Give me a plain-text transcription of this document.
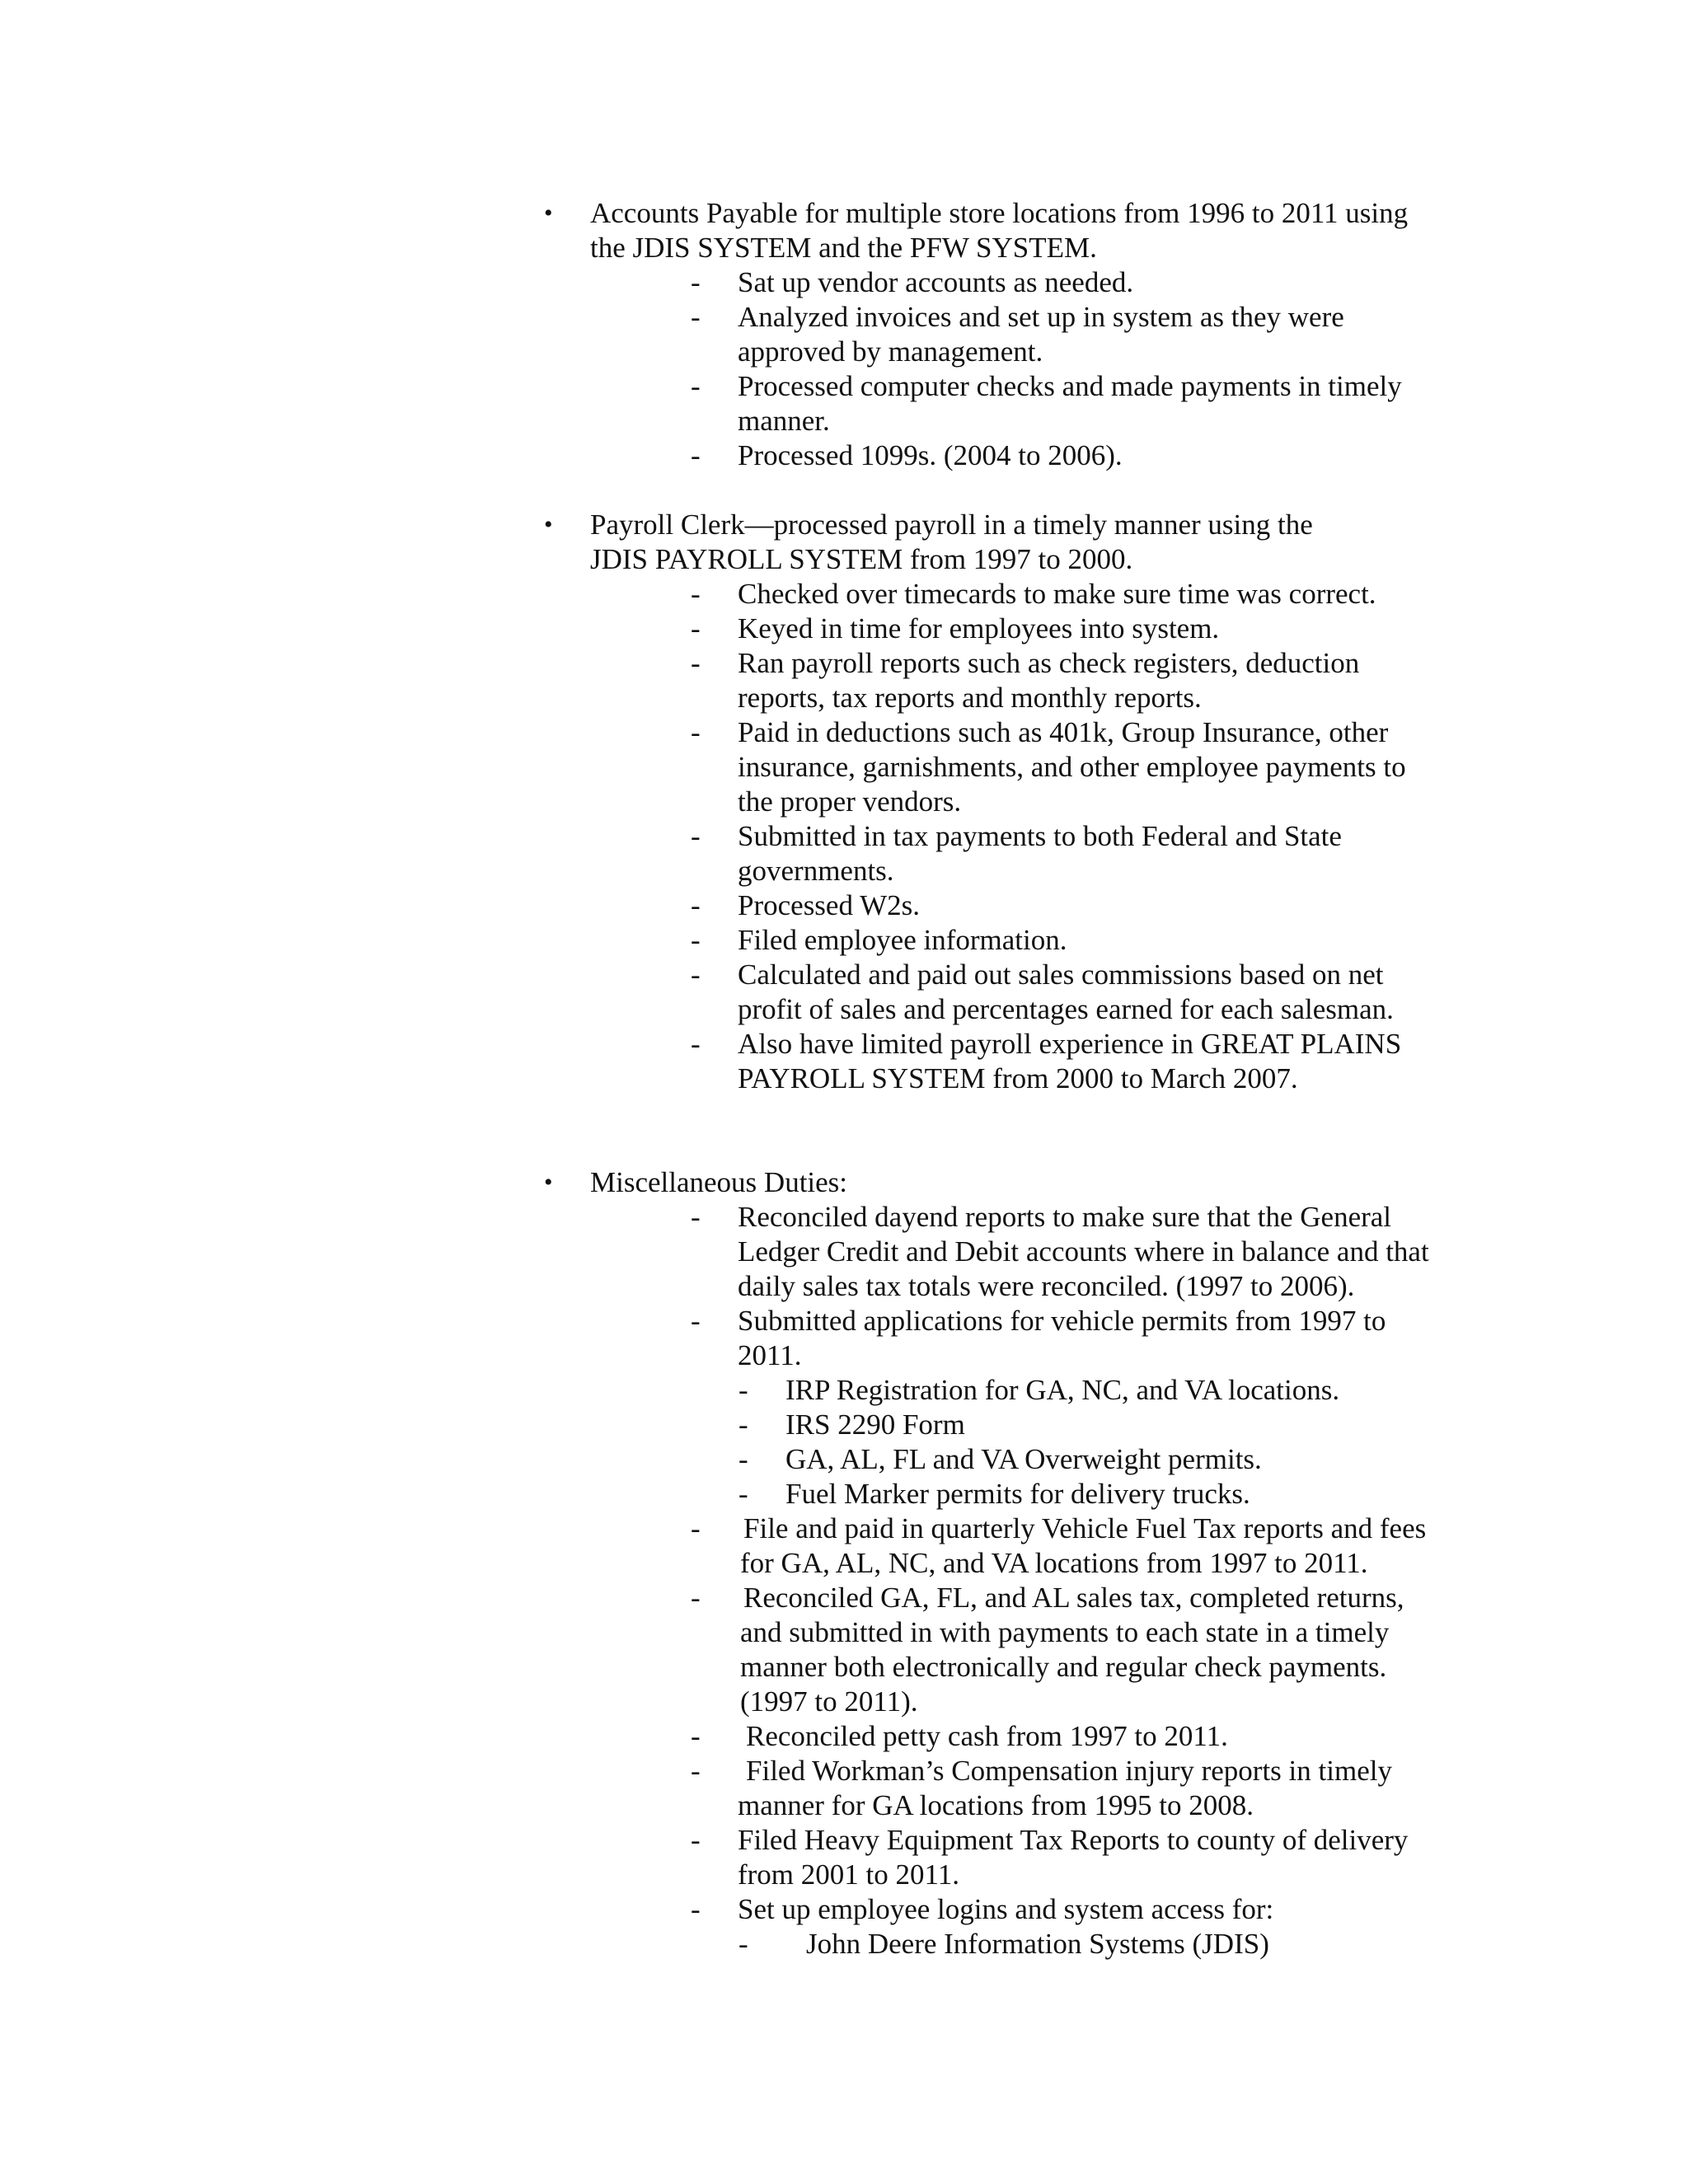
• Accounts Payable for multiple store locations from 1996 to 2011 using
the JDIS SYSTEM and the PFW SYSTEM.
- Sat up vendor accounts as needed.
- Analyzed invoices and set up in system as they were
approved by management.
- Processed computer checks and made payments in timely
manner.
- Processed 1099s. (2004 to 2006).
• Payroll Clerk—processed payroll in a timely manner using the
JDIS PAYROLL SYSTEM from 1997 to 2000.
- Checked over timecards to make sure time was correct.
- Keyed in time for employees into system.
- Ran payroll reports such as check registers, deduction
reports, tax reports and monthly reports.
- Paid in deductions such as 401k, Group Insurance, other
insurance, garnishments, and other employee payments to
the proper vendors.
- Submitted in tax payments to both Federal and State
governments.
- Processed W2s.
- Filed employee information.
- Calculated and paid out sales commissions based on net
profit of sales and percentages earned for each salesman.
- Also have limited payroll experience in GREAT PLAINS
PAYROLL SYSTEM from 2000 to March 2007.
• Miscellaneous Duties:
- Reconciled dayend reports to make sure that the General
Ledger Credit and Debit accounts where in balance and that
daily sales tax totals were reconciled. (1997 to 2006).
- Submitted applications for vehicle permits from 1997 to
2011.
- IRP Registration for GA, NC, and VA locations.
- IRS 2290 Form
- GA, AL, FL and VA Overweight permits.
- Fuel Marker permits for delivery trucks.
- File and paid in quarterly Vehicle Fuel Tax reports and fees
for GA, AL, NC, and VA locations from 1997 to 2011.
- Reconciled GA, FL, and AL sales tax, completed returns,
and submitted in with payments to each state in a timely
manner both electronically and regular check payments.
(1997 to 2011).
- Reconciled petty cash from 1997 to 2011.
- Filed Workman’s Compensation injury reports in timely
manner for GA locations from 1995 to 2008.
- Filed Heavy Equipment Tax Reports to county of delivery
from 2001 to 2011.
- Set up employee logins and system access for:
- John Deere Information Systems (JDIS)
